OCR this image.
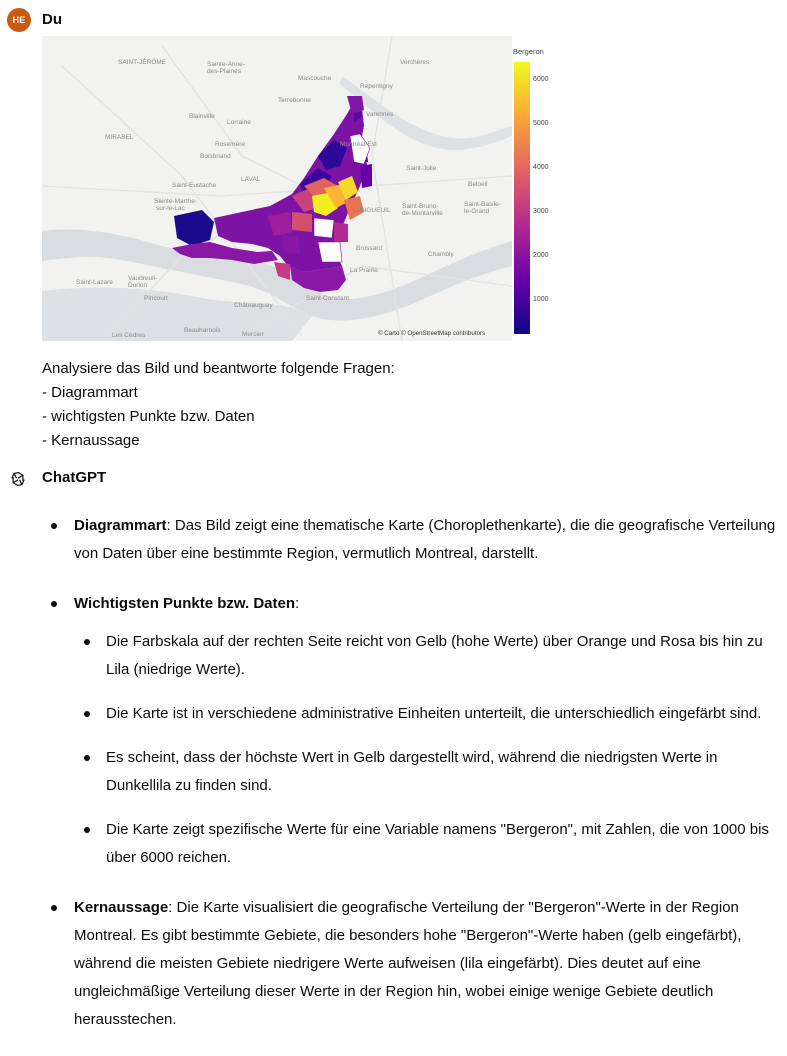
HE	Du
SAINT-JÉRÔME	Sainte-Anne-
des-Plaines
Mascouche
Repentigny
Terrebonne
Varennes
Verchères
Blainville
Lorraine
MIRABEL
Rosemère
Boisbriand
LAVAL
Saint-Eustache
Sainte-Marthe-
sur-le-Lac
Saint-Julie
Beloeil
LONGUEUIL
Saint-Basile-
le-Grand
Saint-Bruno-
de-Montarville
Brossard
Chambly
La Prairie
Vaudreuil-
Dorion
Saint-Lazare
Pincourt
Châteauguay
Saint-Constant
Beauharnois
Mercier
Les Cèdres
Montréal-Est
© Carto © OpenStreetMap contributors
Bergeron
6000
5000
4000
3000
2000
1000
Analysiere das Bild und beantworte folgende Fragen:
- Diagrammart
- wichtigsten Punkte bzw. Daten
- Kernaussage
ChatGPT
Diagrammart: Das Bild zeigt eine thematische Karte (Choroplethenkarte), die die geografische Verteilung von Daten über eine bestimmte Region, vermutlich Montreal, darstellt.
Wichtigsten Punkte bzw. Daten:
Die Farbskala auf der rechten Seite reicht von Gelb (hohe Werte) über Orange und Rosa bis hin zu Lila (niedrige Werte).
Die Karte ist in verschiedene administrative Einheiten unterteilt, die unterschiedlich eingefärbt sind.
Es scheint, dass der höchste Wert in Gelb dargestellt wird, während die niedrigsten Werte in Dunkellila zu finden sind.
Die Karte zeigt spezifische Werte für eine Variable namens "Bergeron", mit Zahlen, die von 1000 bis über 6000 reichen.
Kernaussage: Die Karte visualisiert die geografische Verteilung der "Bergeron"-Werte in der Region Montreal. Es gibt bestimmte Gebiete, die besonders hohe "Bergeron"-Werte haben (gelb eingefärbt), während die meisten Gebiete niedrigere Werte aufweisen (lila eingefärbt). Dies deutet auf eine ungleichmäßige Verteilung dieser Werte in der Region hin, wobei einige wenige Gebiete deutlich herausstechen.
